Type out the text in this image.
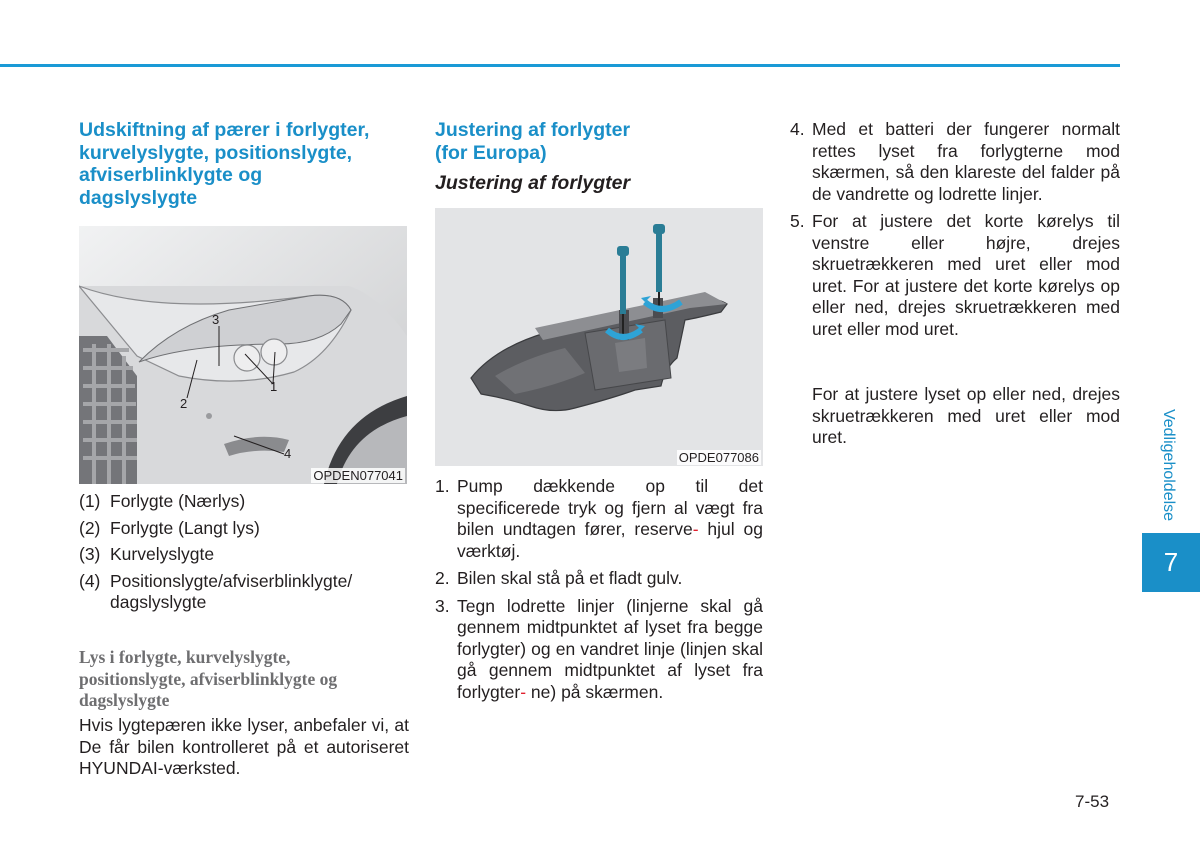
Udskiftning af pærer i forlygter,
kurvelyslygte, positionslygte,
afviserblinklygte og
dagslyslygte
3
2
1
4
OPDEN077041
(1) Forlygte (Nærlys)
(2) Forlygte (Langt lys)
(3) Kurvelyslygte
(4) Positionslygte/afviserblinklygte/ dagslyslygte
Lys i forlygte, kurvelyslygte,
positionslygte, afviserblinklygte og
dagslyslygte

Hvis lygtepæren ikke lyser, anbefaler vi, at De får bilen kontrolleret på et autoriseret HYUNDAI-værksted.

Justering af forlygter
(for Europa)
Justering af forlygter
OPDE077086
1. Pump dækkende op til det specificerede tryk og fjern al vægt fra bilen undtagen fører, reserve- hjul og værktøj.
2. Bilen skal stå på et fladt gulv.
3. Tegn lodrette linjer (linjerne skal gå gennem midtpunktet af lyset fra begge forlygter) og en vandret linje (linjen skal gå gennem midtpunktet af lyset fra forlygter- ne) på skærmen.
4. Med et batteri der fungerer normalt rettes lyset fra forlygterne mod skærmen, så den klareste del falder på de vandrette og lodrette linjer.
5. For at justere det korte kørelys til venstre eller højre, drejes skruetrækkeren med uret eller mod uret. For at justere det korte kørelys op eller ned, drejes skruetrækkeren med uret eller mod uret.

For at justere lyset op eller ned, drejes skruetrækkeren med uret eller mod uret.	Vedligeholdelse
7
7-53
